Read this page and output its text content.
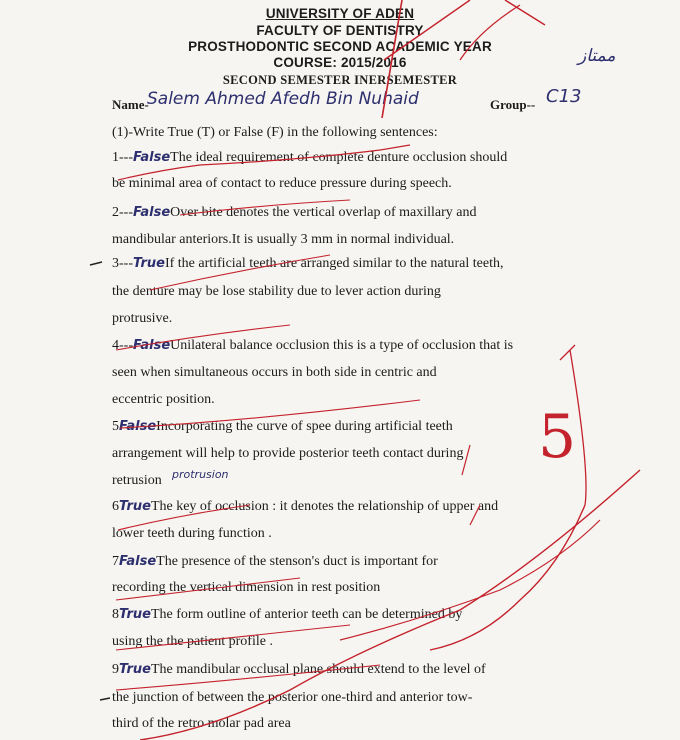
UNIVERSITY OF ADEN
FACULTY OF DENTISTRY
PROSTHODONTIC SECOND ACADEMIC YEAR
COURSE: 2015/2016
SECOND SEMESTER INERSEMESTER
Name-
Salem Ahmed Afedh Bin Nuhaid	Group-- C13
ممتاز
(1)-Write True (T) or False (F) in the following sentences:
1---FalseThe ideal requirement of complete denture occlusion should
be minimal area of contact to reduce pressure during speech.
2---FalseOver bite denotes the vertical overlap of maxillary and
mandibular anteriors.It is usually 3 mm in normal individual.
3---TrueIf the artificial teeth are arranged similar to the natural teeth,
the denture may be lose stability due to lever action during
protrusive.
4---FalseUnilateral balance occlusion this is a type of occlusion that is
seen when simultaneous occurs in both side in centric and
eccentric position.
5FalseIncorporating the curve of spee during artificial teeth
arrangement will help to provide posterior teeth contact during
retrusion
6TrueThe key of occlusion : it denotes the relationship of upper and
lower teeth during function .
7FalseThe presence of the stenson's duct is important for
recording the vertical dimension in rest position
8TrueThe form outline of anterior teeth can be determined by
using the the patient profile .
9TrueThe mandibular occlusal plane should extend to the level of
the junction of between the posterior one-third and anterior tow-
third of the retro molar pad area
protrusion
5
